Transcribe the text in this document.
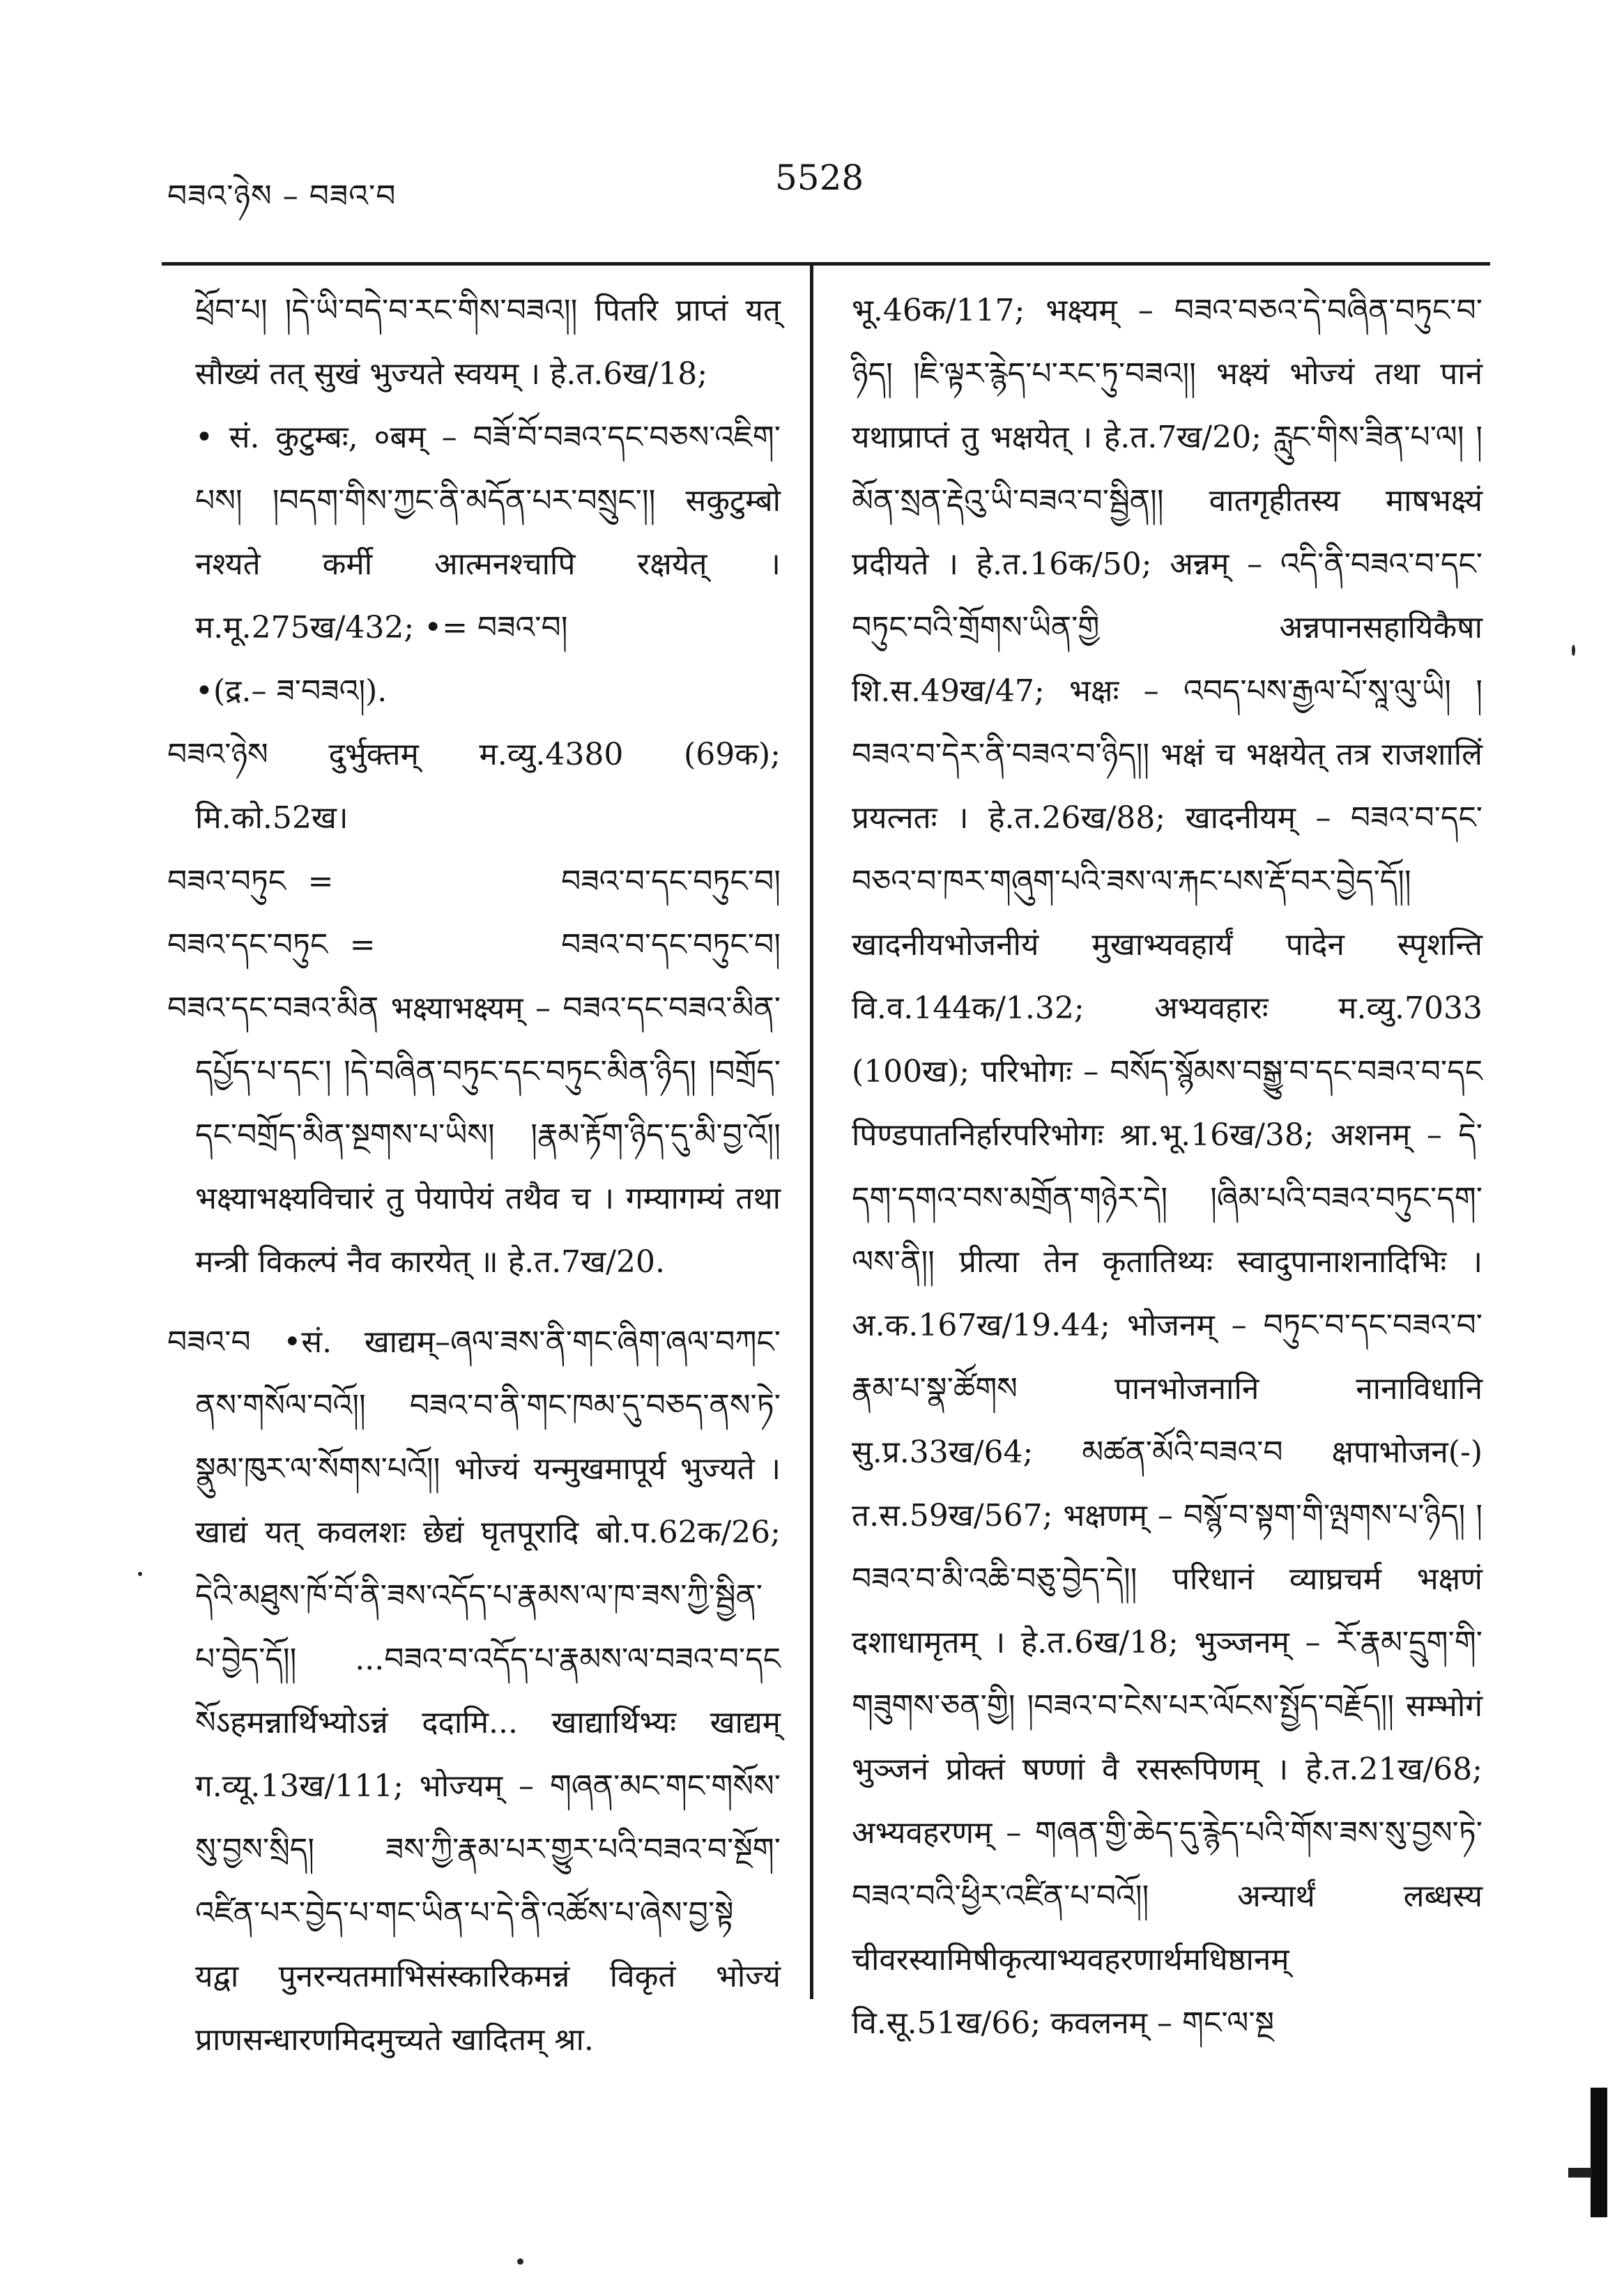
བཟའ་ཉེས – བཟའ་བ	5528

ཕྲོབ་པ། །དེ་ཡི་བདེ་བ་རང་གིས་བཟའ།། पितरि प्राप्तं यत् सौख्यं तत् सुखं भुज्यते स्वयम् । हे.त.6ख/18;

• सं. कुटुम्बः, ०बम् – བཟོ་བོ་བཟའ་དང་བཅས་འཇིག་པས། །བདག་གིས་ཀྱང་ནི་མདོན་པར་བསྲུང་།། सकुटुम्बो नश्यते कर्मी आत्मनश्चापि रक्षयेत् । म.मू.275ख/432; •= བཟའ་བ།

•(द्र.– ཟ་བཟའ།).

བཟའ་ཉེས दुर्भुक्तम् म.व्यु.4380 (69क); मि.को.52ख।

བཟའ་བཏུང =	བཟའ་བ་དང་བཏུང་བ།
བཟའ་དང་བཏུང =	བཟའ་བ་དང་བཏུང་བ།

བཟའ་དང་བཟའ་མིན भक्ष्याभक्ष्यम् – བཟའ་དང་བཟའ་མིན་དཔྱོད་པ་དང་། །དེ་བཞིན་བཏུང་དང་བཏུང་མིན་ཉིད། །བགྲོད་དང་བགྲོད་མིན་སྔགས་པ་ཡིས། །རྣམ་རྟོག་ཉིད་དུ་མི་བྱ་འོ།། भक्ष्याभक्ष्यविचारं तु पेयापेयं तथैव च । गम्यागम्यं तथा मन्त्री विकल्पं नैव कारयेत् ॥ हे.त.7ख/20.

བཟའ་བ •सं. खाद्यम्–ཞལ་ཟས་ནི་གང་ཞིག་ཞལ་བཀང་ནས་གསོལ་བའོ།། བཟའ་བ་ནི་གང་ཁམ་དུ་བཅད་ནས་ཏེ་སྣུམ་ཁུར་ལ་སོགས་པའོ།། भोज्यं यन्मुखमापूर्य भुज्यते । खाद्यं यत् कवलशः छेद्यं घृतपूरादि बो.प.62क/26; དེའི་མཐུས་ཁོ་བོ་ནི་ཟས་འདོད་པ་རྣམས་ལ་ཁ་ཟས་ཀྱི་སྦྱིན་པ་བྱེད་དོ།། ...བཟའ་བ་འདོད་པ་རྣམས་ལ་བཟའ་བ་དང སོऽहमन्नार्थिभ्योऽन्नं ददामि... खाद्यार्थिभ्यः खाद्यम् ग.व्यू.13ख/111; भोज्यम् – གཞན་མང་གང་གསོས་སུ་བྱས་སྲིད། ཟས་ཀྱི་རྣམ་པར་གྱུར་པའི་བཟའ་བ་སྔོག་འཛིན་པར་བྱེད་པ་གང་ཡིན་པ་དེ་ནི་འཚོས་པ་ཞེས་བྱ་སྟེ यद्वा पुनरन्यतमाभिसंस्कारिकमन्नं विकृतं भोज्यं प्राणसन्धारणमिदमुच्यते खादितम् श्रा.

भू.46क/117; भक्ष्यम् – བཟའ་བཅའ་དེ་བཞིན་བཏུང་བ་ཉིད། །ཇི་ལྟར་རྙེད་པ་རང་ཏུ་བཟའ།། भक्ष्यं भोज्यं तथा पानं यथाप्राप्तं तु भक्षयेत् । हे.त.7ख/20; རླུང་གིས་ཟིན་པ་ལ། །མོན་སྲན་རྡེའུ་ཡི་བཟའ་བ་སྦྱིན།། वातगृहीतस्य माषभक्ष्यं प्रदीयते । हे.त.16क/50; अन्नम् – འདི་ནི་བཟའ་བ་དང་བཏུང་བའི་གྲོགས་ཡིན་གྱི अन्नपानसहायिकैषा शि.स.49ख/47; भक्षः – འབད་པས་རྒྱལ་པོ་སཱ་ལུ་ཡི། །བཟའ་བ་དེར་ནི་བཟའ་བ་ཉིད།། भक्षं च भक्षयेत् तत्र राजशालिं प्रयत्नतः । हे.त.26ख/88; खादनीयम् – བཟའ་བ་དང་བཅའ་བ་ཁར་གཞུག་པའི་ཟས་ལ་རྐང་པས་རྡོ་བར་བྱེད་དོ།། खादनीयभोजनीयं मुखाभ्यवहार्यं पादेन स्पृशन्ति वि.व.144क/1.32; अभ्यवहारः म.व्यु.7033 (100ख); परिभोगः – བསོད་སྙོམས་བསྒྱུ་བ་དང་བཟའ་བ་དང पिण्डपातनिर्हारपरिभोगः श्रा.भू.16ख/38; अशनम् – དེ་དག་དགའ་བས་མགྲོན་གཉེར་དེ། །ཞིམ་པའི་བཟའ་བཏུང་དག་ལས་ནི།། प्रीत्या तेन कृतातिथ्यः स्वादुपानाशनादिभिः । अ.क.167ख/19.44; भोजनम् – བཏུང་བ་དང་བཟའ་བ་རྣམ་པ་སྣ་ཚོགས पानभोजनानि नानाविधानि सु.प्र.33ख/64; མཚན་མོའི་བཟའ་བ क्षपाभोजन(-) त.स.59ख/567; भक्षणम् – བསྙོ་བ་སྟག་གི་ལྤགས་པ་ཉིད། །བཟའ་བ་མི་འཆི་བཅུ་བྱེད་དེ།། परिधानं व्याघ्रचर्म भक्षणं दशाधामृतम् । हे.त.6ख/18; भुञ्जनम् – རོ་རྣམ་དྲུག་གི་གཟུགས་ཅན་གྱི། །བཟའ་བ་ངེས་པར་ལོངས་སྤྱོད་བརྗོད།། सम्भोगं भुञ्जनं प्रोक्तं षण्णां वै रसरूपिणम् । हे.त.21ख/68; अभ्यवहरणम् – གཞན་གྱི་ཆེད་དུ་རྙེད་པའི་གོས་ཟས་སུ་བྱས་ཏེ་བཟའ་བའི་ཕྱིར་འཛིན་པ་བའོ།། अन्यार्थं लब्धस्य चीवरस्यामिषीकृत्याभ्यवहरणार्थमधिष्ठानम् वि.सू.51ख/66; कवलनम् – གང་ལ་སྔ
